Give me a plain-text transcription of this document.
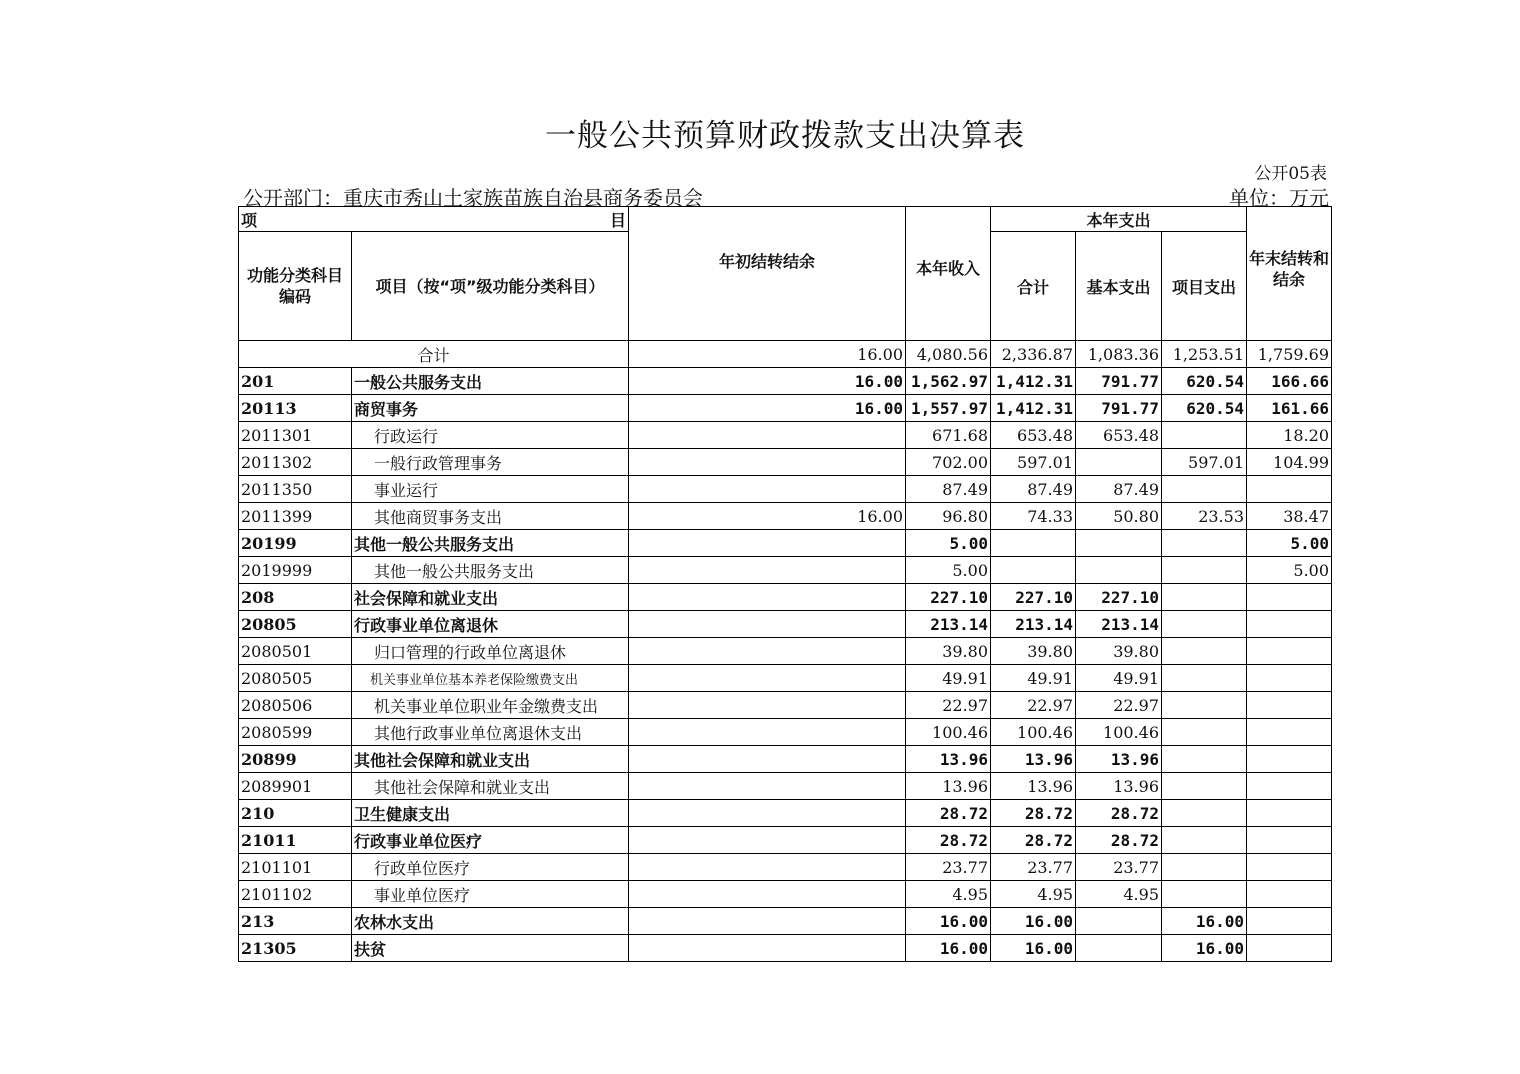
一般公共预算财政拨款支出决算表
公开05表
公开部门：重庆市秀山土家族苗族自治县商务委员会	单位：万元
项 目		年初结转结余	本年收入	本年支出			年末结转和结余
功能分类科目编码	项目（按“项”级功能分类科目）			合计	基本支出	项目支出	
合计		16.00	4,080.56	2,336.87	1,083.36	1,253.51	1,759.69
201	一般公共服务支出	16.00	1,562.97	1,412.31	791.77	620.54	166.66
20113	商贸事务	16.00	1,557.97	1,412.31	791.77	620.54	161.66
2011301	行政运行		671.68	653.48	653.48		18.20
2011302	一般行政管理事务		702.00	597.01		597.01	104.99
2011350	事业运行		87.49	87.49	87.49		
2011399	其他商贸事务支出	16.00	96.80	74.33	50.80	23.53	38.47
20199	其他一般公共服务支出		5.00				5.00
2019999	其他一般公共服务支出		5.00				5.00
208	社会保障和就业支出		227.10	227.10	227.10		
20805	行政事业单位离退休		213.14	213.14	213.14		
2080501	归口管理的行政单位离退休		39.80	39.80	39.80		
2080505	机关事业单位基本养老保险缴费支出		49.91	49.91	49.91		
2080506	机关事业单位职业年金缴费支出		22.97	22.97	22.97		
2080599	其他行政事业单位离退休支出		100.46	100.46	100.46		
20899	其他社会保障和就业支出		13.96	13.96	13.96		
2089901	其他社会保障和就业支出		13.96	13.96	13.96		
210	卫生健康支出		28.72	28.72	28.72		
21011	行政事业单位医疗		28.72	28.72	28.72		
2101101	行政单位医疗		23.77	23.77	23.77		
2101102	事业单位医疗		4.95	4.95	4.95		
213	农林水支出		16.00	16.00		16.00	
21305	扶贫		16.00	16.00		16.00	
